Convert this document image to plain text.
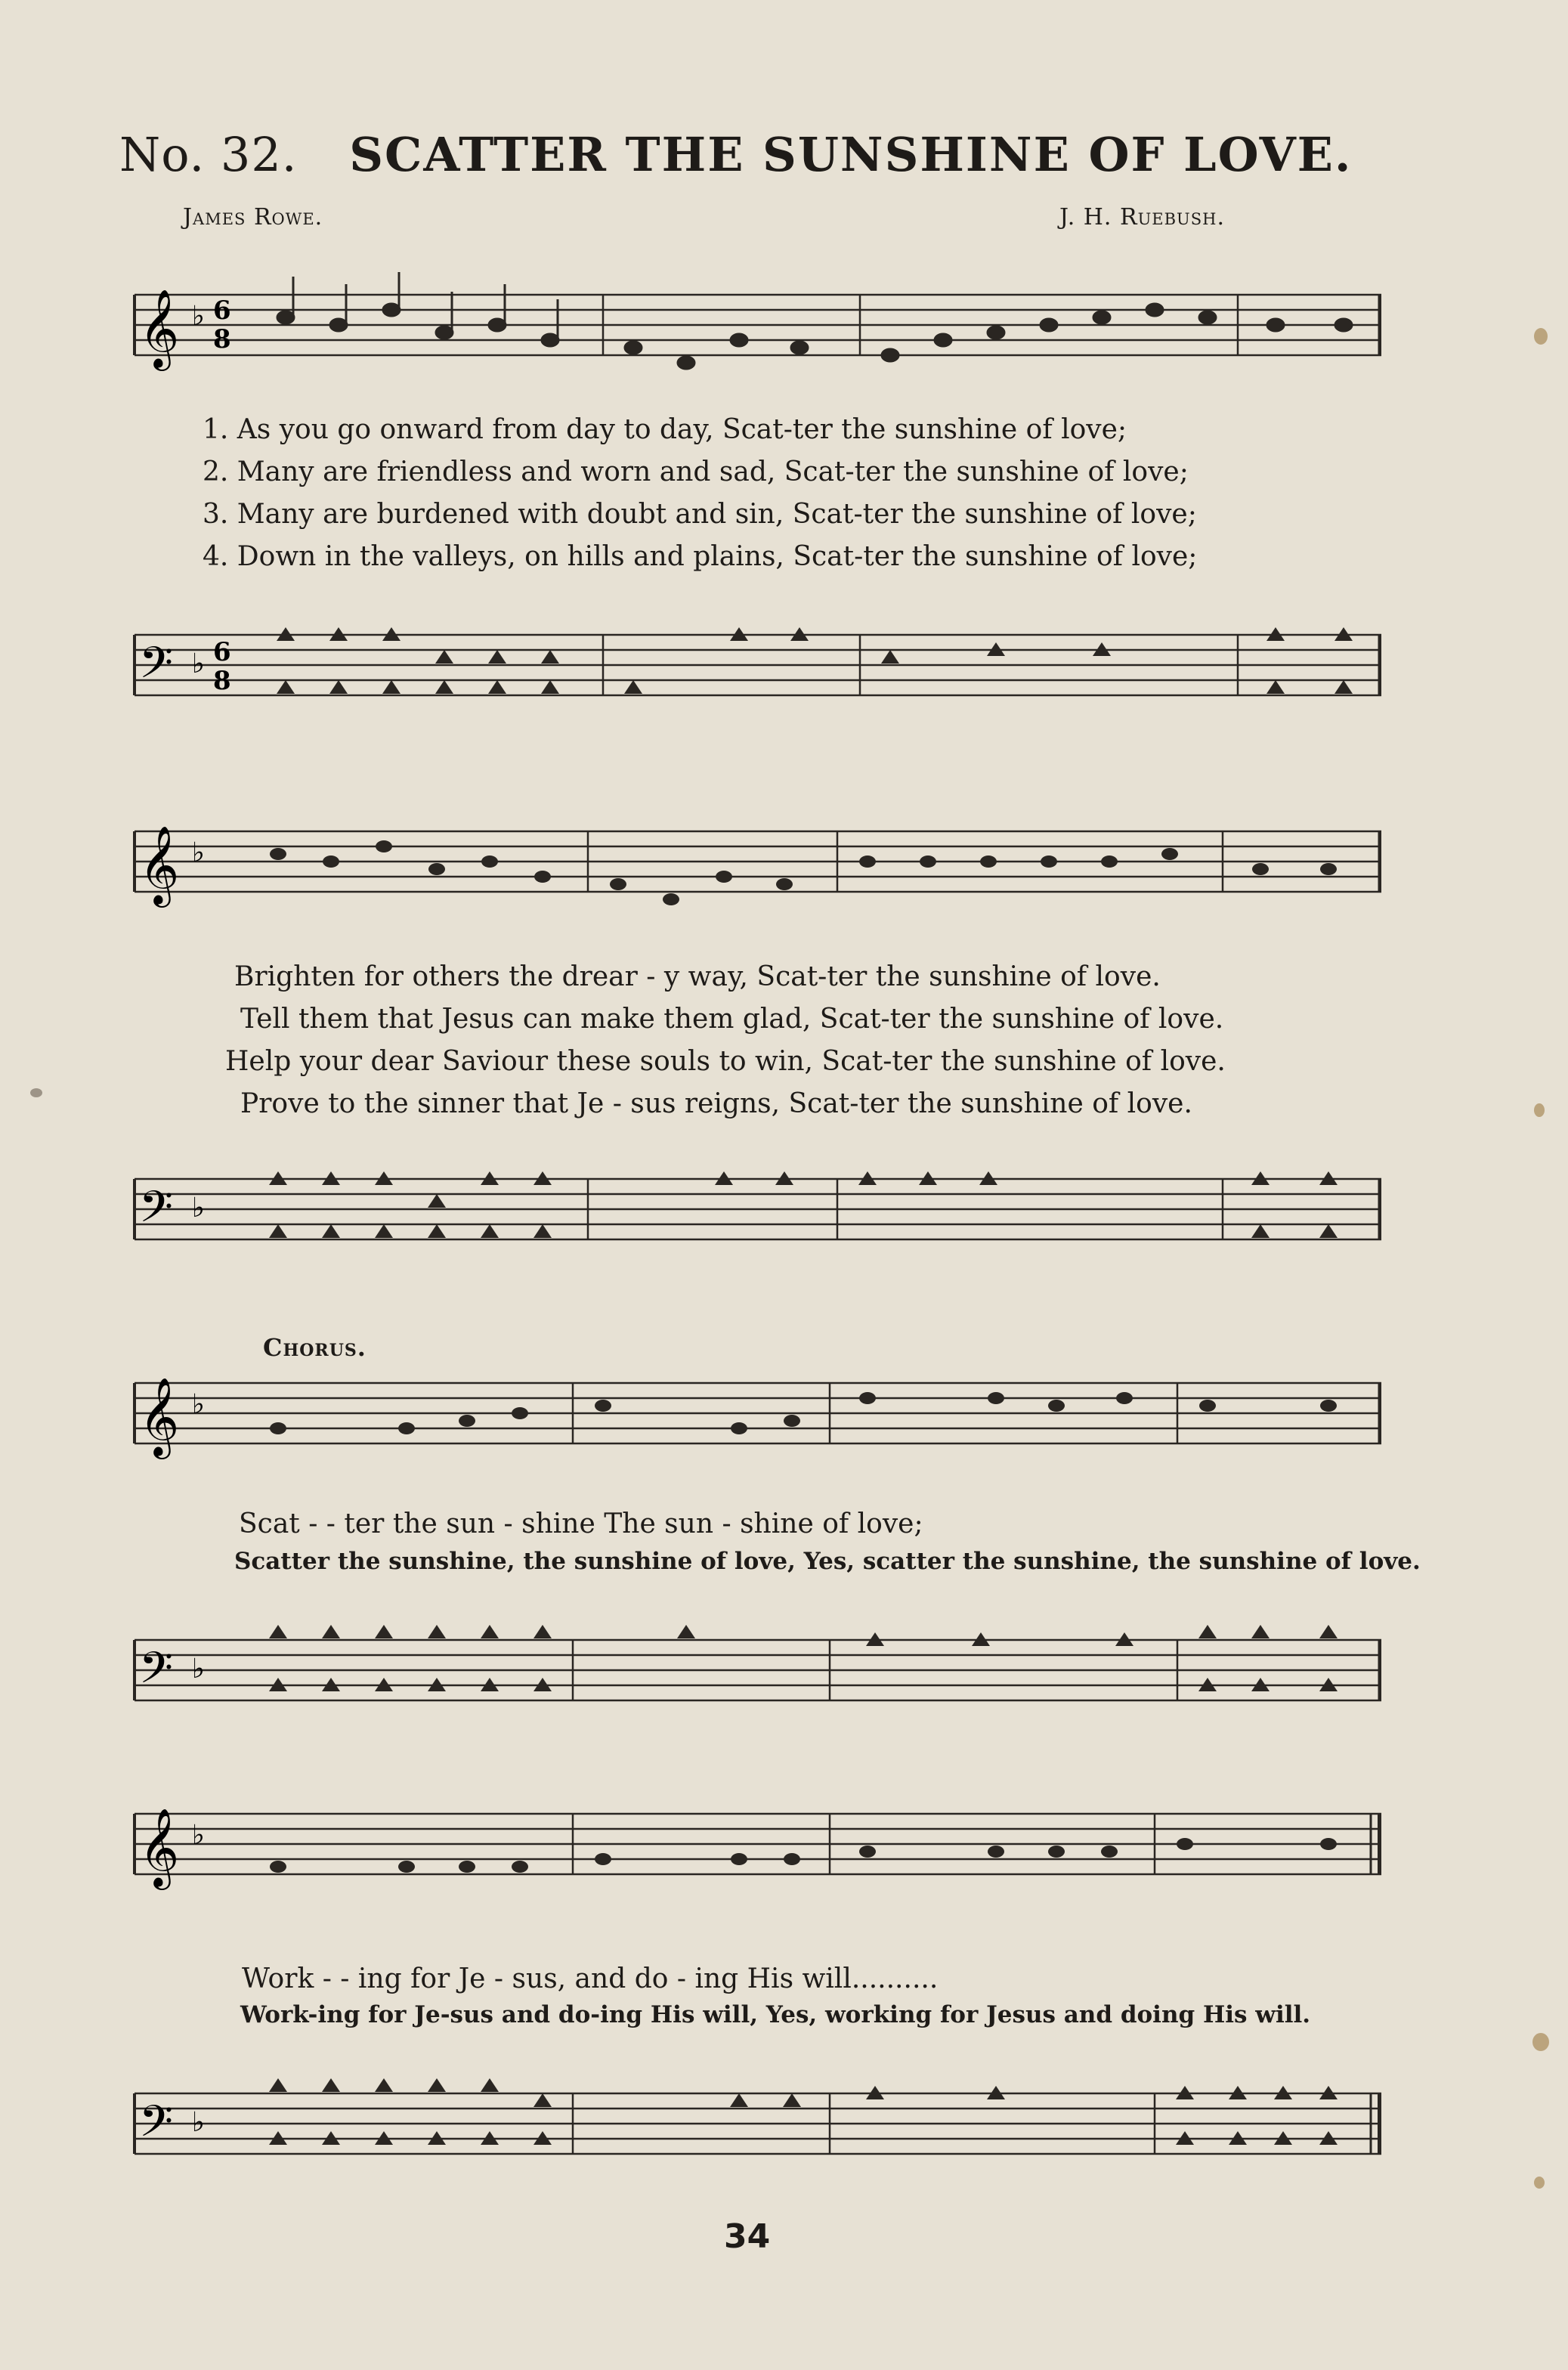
No. 32. SCATTER THE SUNSHINE OF LOVE.
James Rowe.	J. H. Ruebush.
𝄞 ♭ 6
8
1. As you go onward from day to day, Scat-ter the sunshine of love;
2. Many are friendless and worn and sad, Scat-ter the sunshine of love;
3. Many are burdened with doubt and sin, Scat-ter the sunshine of love;
4. Down in the valleys, on hills and plains, Scat-ter the sunshine of love;
𝄢 ♭ 6
8
𝄞 ♭
Brighten for others the drear - y way, Scat-ter the sunshine of love.
Tell them that Jesus can make them glad, Scat-ter the sunshine of love.
Help your dear Saviour these souls to win, Scat-ter the sunshine of love.
Prove to the sinner that Je - sus reigns, Scat-ter the sunshine of love.
𝄢 ♭
Chorus.
𝄞 ♭
Scat - - ter the sun - shine The sun - shine of love;
Scatter the sunshine, the sunshine of love, Yes, scatter the sunshine, the sunshine of love.
𝄢 ♭
𝄞 ♭
Work - - ing for Je - sus, and do - ing His will..........
Work-ing for Je-sus and do-ing His will, Yes, working for Jesus and doing His will.
𝄢 ♭
34
